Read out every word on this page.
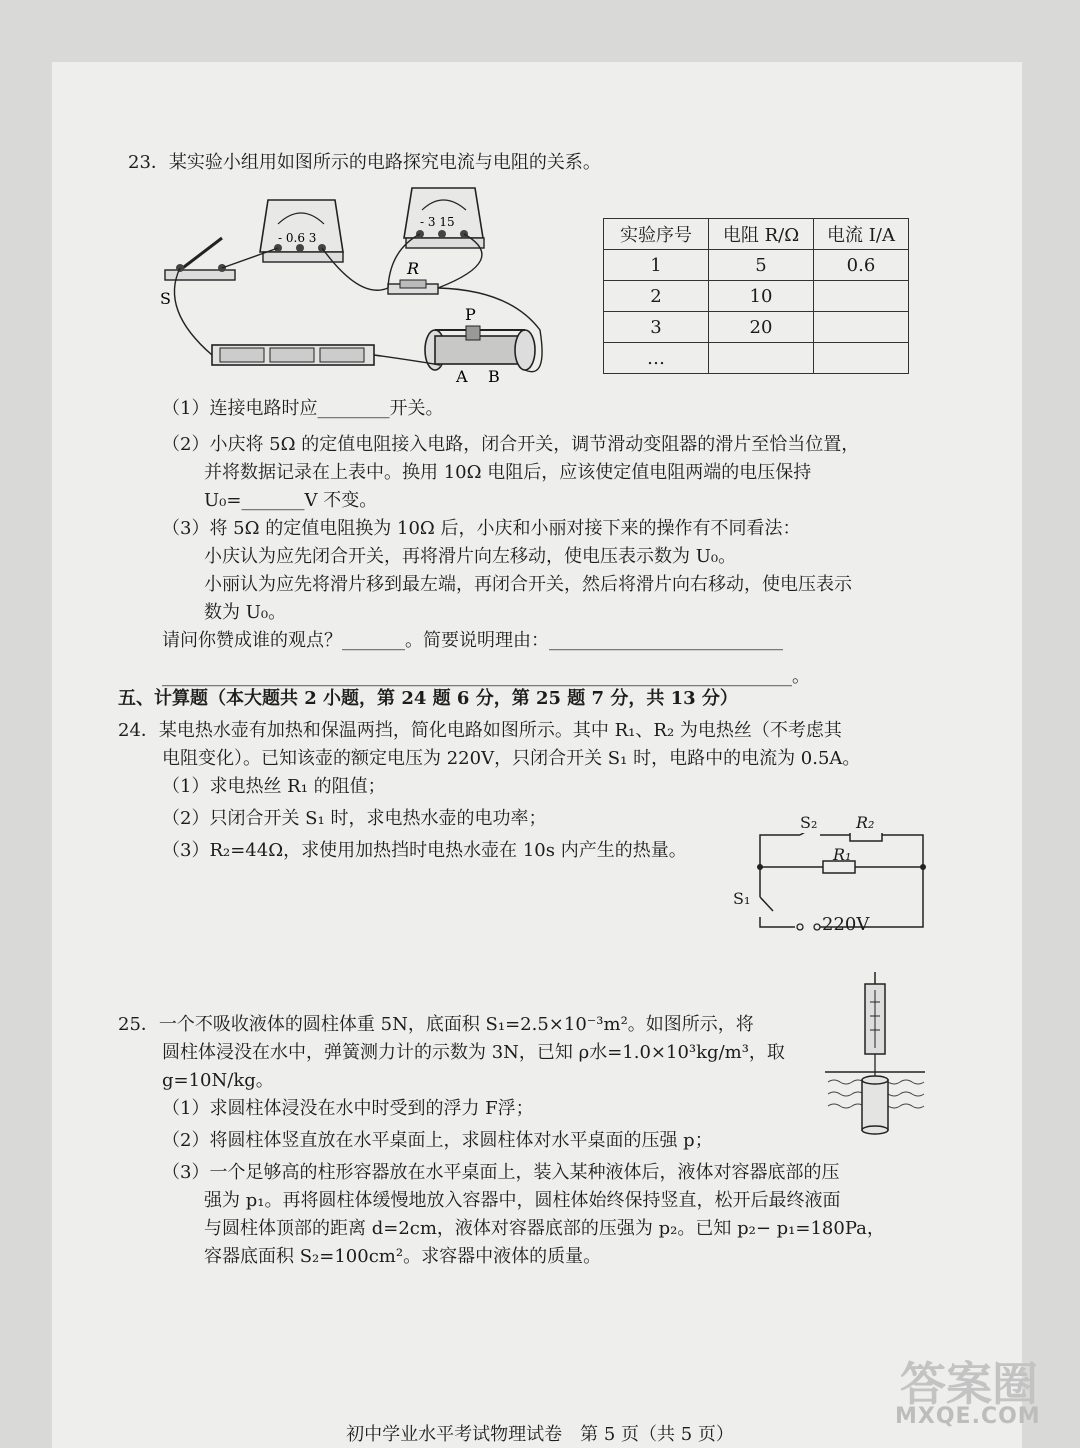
23．某实验小组用如图所示的电路探究电流与电阻的关系。
- 0.6 3
- 3 15
S
R
P
A B
实验序号	电阻 R/Ω	电流 I/A
1	5	0.6
2	10	
3	20	
…		
（1）连接电路时应________开关。
（2）小庆将 5Ω 的定值电阻接入电路，闭合开关，调节滑动变阻器的滑片至恰当位置，
并将数据记录在上表中。换用 10Ω 电阻后，应该使定值电阻两端的电压保持
U₀=_______V 不变。
（3）将 5Ω 的定值电阻换为 10Ω 后，小庆和小丽对接下来的操作有不同看法：
小庆认为应先闭合开关，再将滑片向左移动，使电压表示数为 U₀。
小丽认为应先将滑片移到最左端，再闭合开关，然后将滑片向右移动，使电压表示
数为 U₀。
请问你赞成谁的观点？_______。简要说明理由：__________________________
______________________________________________________________________。
五、计算题（本大题共 2 小题，第 24 题 6 分，第 25 题 7 分，共 13 分）
24．某电热水壶有加热和保温两挡，简化电路如图所示。其中 R₁、R₂ 为电热丝（不考虑其
电阻变化）。已知该壶的额定电压为 220V，只闭合开关 S₁ 时，电路中的电流为 0.5A。
（1）求电热丝 R₁ 的阻值；
（2）只闭合开关 S₁ 时，求电热水壶的电功率；
（3）R₂=44Ω，求使用加热挡时电热水壶在 10s 内产生的热量。
S₂ R₂
R₁
S₁
220V
25．一个不吸收液体的圆柱体重 5N，底面积 S₁=2.5×10⁻³m²。如图所示，将
圆柱体浸没在水中，弹簧测力计的示数为 3N，已知 ρ水=1.0×10³kg/m³，取
g=10N/kg。
（1）求圆柱体浸没在水中时受到的浮力 F浮；
（2）将圆柱体竖直放在水平桌面上，求圆柱体对水平桌面的压强 p；
（3）一个足够高的柱形容器放在水平桌面上，装入某种液体后，液体对容器底部的压
强为 p₁。再将圆柱体缓慢地放入容器中，圆柱体始终保持竖直，松开后最终液面
与圆柱体顶部的距离 d=2cm，液体对容器底部的压强为 p₂。已知 p₂− p₁=180Pa，
容器底面积 S₂=100cm²。求容器中液体的质量。
答案圈
MXQE.COM
初中学业水平考试物理试卷　第 5 页（共 5 页）
